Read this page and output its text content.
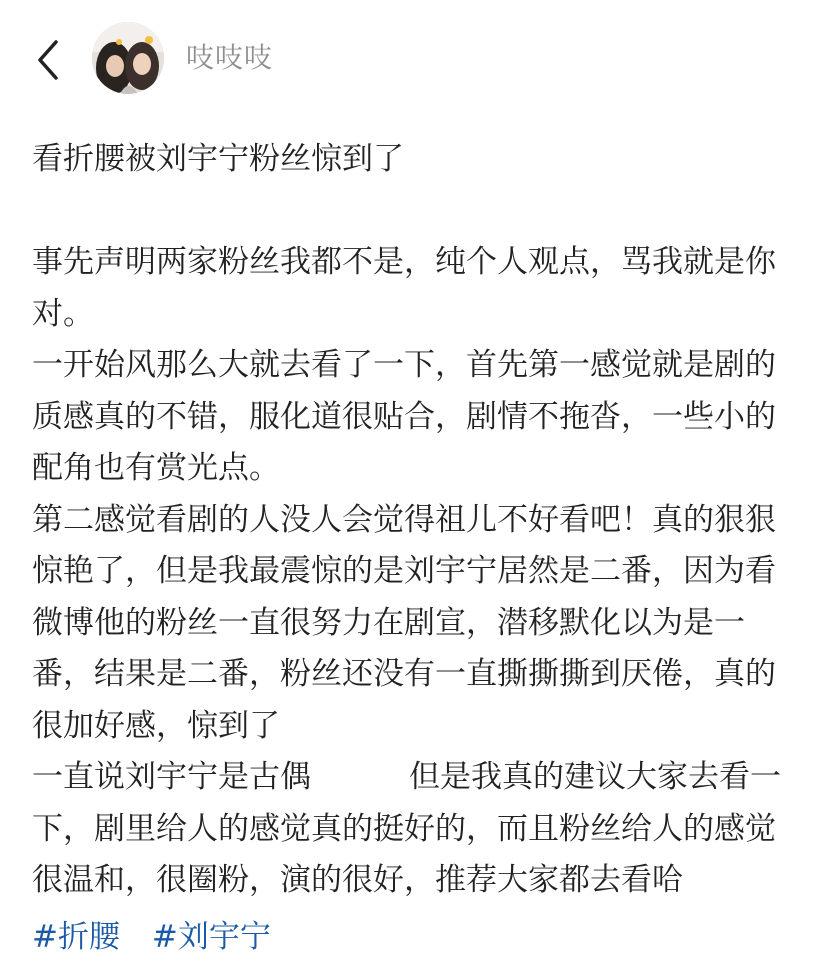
吱吱吱

看折腰被刘宇宁粉丝惊到了

事先声明两家粉丝我都不是，纯个人观点，骂我就是你对。

一开始风那么大就去看了一下，首先第一感觉就是剧的质感真的不错，服化道很贴合，剧情不拖沓，一些小的配角也有赏光点。

第二感觉看剧的人没人会觉得祖儿不好看吧！真的狠狠惊艳了，但是我最震惊的是刘宇宁居然是二番，因为看微博他的粉丝一直很努力在剧宣，潜移默化以为是一番，结果是二番，粉丝还没有一直撕撕撕到厌倦，真的很加好感，惊到了

一直说刘宇宁是古偶	但是我真的建议大家去看一下，剧里给人的感觉真的挺好的，而且粉丝给人的感觉很温和，很圈粉，演的很好，推荐大家都去看哈

#折腰 #刘宇宁
